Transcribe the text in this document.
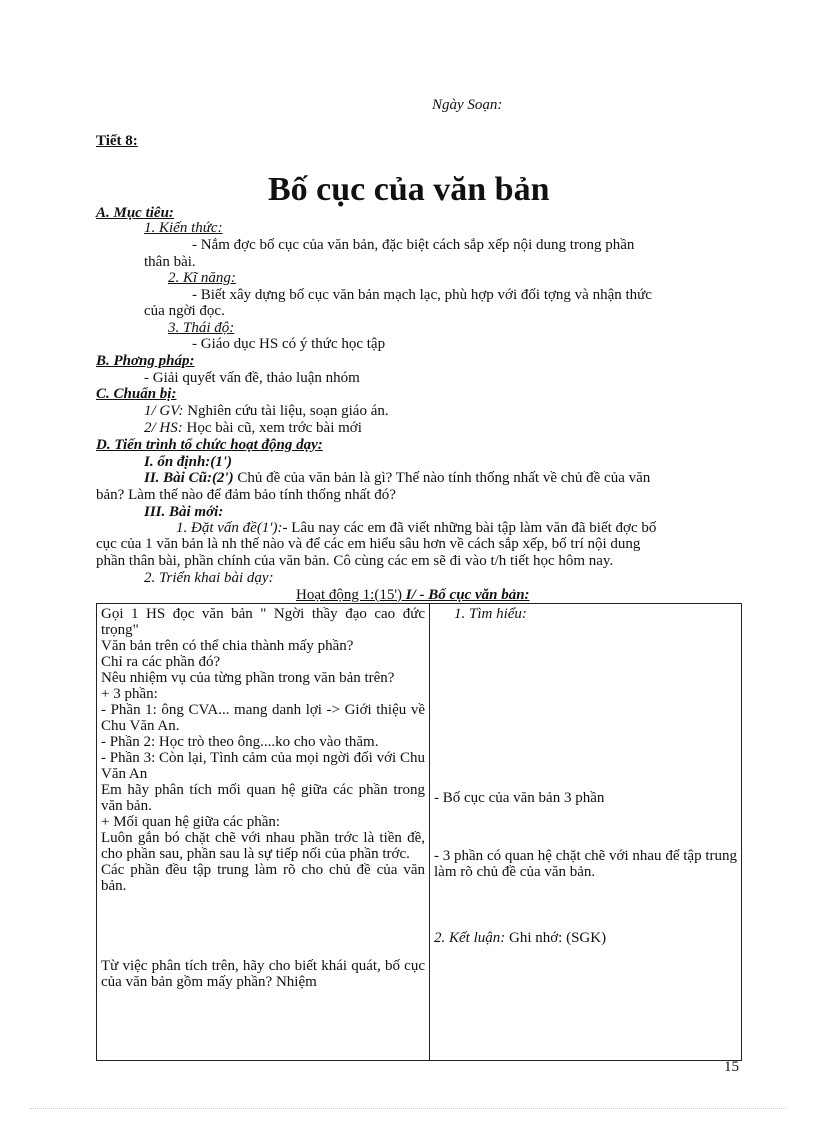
Ngày Soạn:
Tiết 8:
Bố cục của văn bản
A. Mục tiêu:
1. Kiến thức:
- Nắm đợc bố cục của văn bản, đặc biệt cách sắp xếp nội dung trong phần
thân bài.
2. Kĩ năng:
- Biết xây dựng bố cục văn bản mạch lạc, phù hợp với đối tợng và nhận thức
của ngời đọc.
3. Thái độ:
- Giáo dục HS có ý thức học tập
B. Phơng pháp:
- Giải quyết vấn đề, thảo luận nhóm
C. Chuẩn bị:
1/ GV: Nghiên cứu tài liệu, soạn giáo án.
2/ HS: Học bài cũ, xem trớc bài mới
D. Tiến trình tổ chức hoạt động dạy:
I. ổn định:(1')
II. Bài Cũ:(2') Chủ đề của văn bản là gì? Thế nào tính thống nhất về chủ đề của văn
bản? Làm thế nào để đảm bảo tính thống nhất đó?
III. Bài mới:
1. Đặt vấn đề(1'):- Lâu nay các em đã viết những bài tập làm văn đã biết đợc bố
cục của 1 văn bản là nh thế nào và để các em hiểu sâu hơn về cách sắp xếp, bố trí nội dung
phần thân bài, phần chính của văn bản. Cô cùng các em sẽ đi vào t/h tiết học hôm nay.
2. Triển khai bài dạy:
Hoạt động 1:(15') I/ - Bố cục văn bản:
Gọi 1 HS đọc văn bản " Ngời thầy đạo cao đức trọng"
Văn bản trên có thể chia thành mấy phần?
Chỉ ra các phần đó?
Nêu nhiệm vụ của từng phần trong văn bản trên?
+ 3 phần:
- Phần 1: ông CVA... mang danh lợi -> Giới thiệu về Chu Văn An.
- Phần 2: Học trò theo ông....ko cho vào thăm.
- Phần 3: Còn lại, Tình cảm của mọi ngời đối với Chu Văn An
Em hãy phân tích mối quan hệ giữa các phần trong văn bản.
+ Mối quan hệ giữa các phần:
Luôn gắn bó chặt chẽ với nhau phần trớc là tiền đề, cho phần sau, phần sau là sự tiếp nối của phần trớc.
Các phần đều tập trung làm rõ cho chủ đề của văn bản.
Từ việc phân tích trên, hãy cho biết khái quát, bố cục của văn bản gồm mấy phần? Nhiệm

1. Tìm hiểu:
- Bố cục của văn bản 3 phần
- 3 phần có quan hệ chặt chẽ với nhau để tập trung làm rõ chủ đề của văn bản.
2. Kết luận: Ghi nhớ: (SGK)
15
